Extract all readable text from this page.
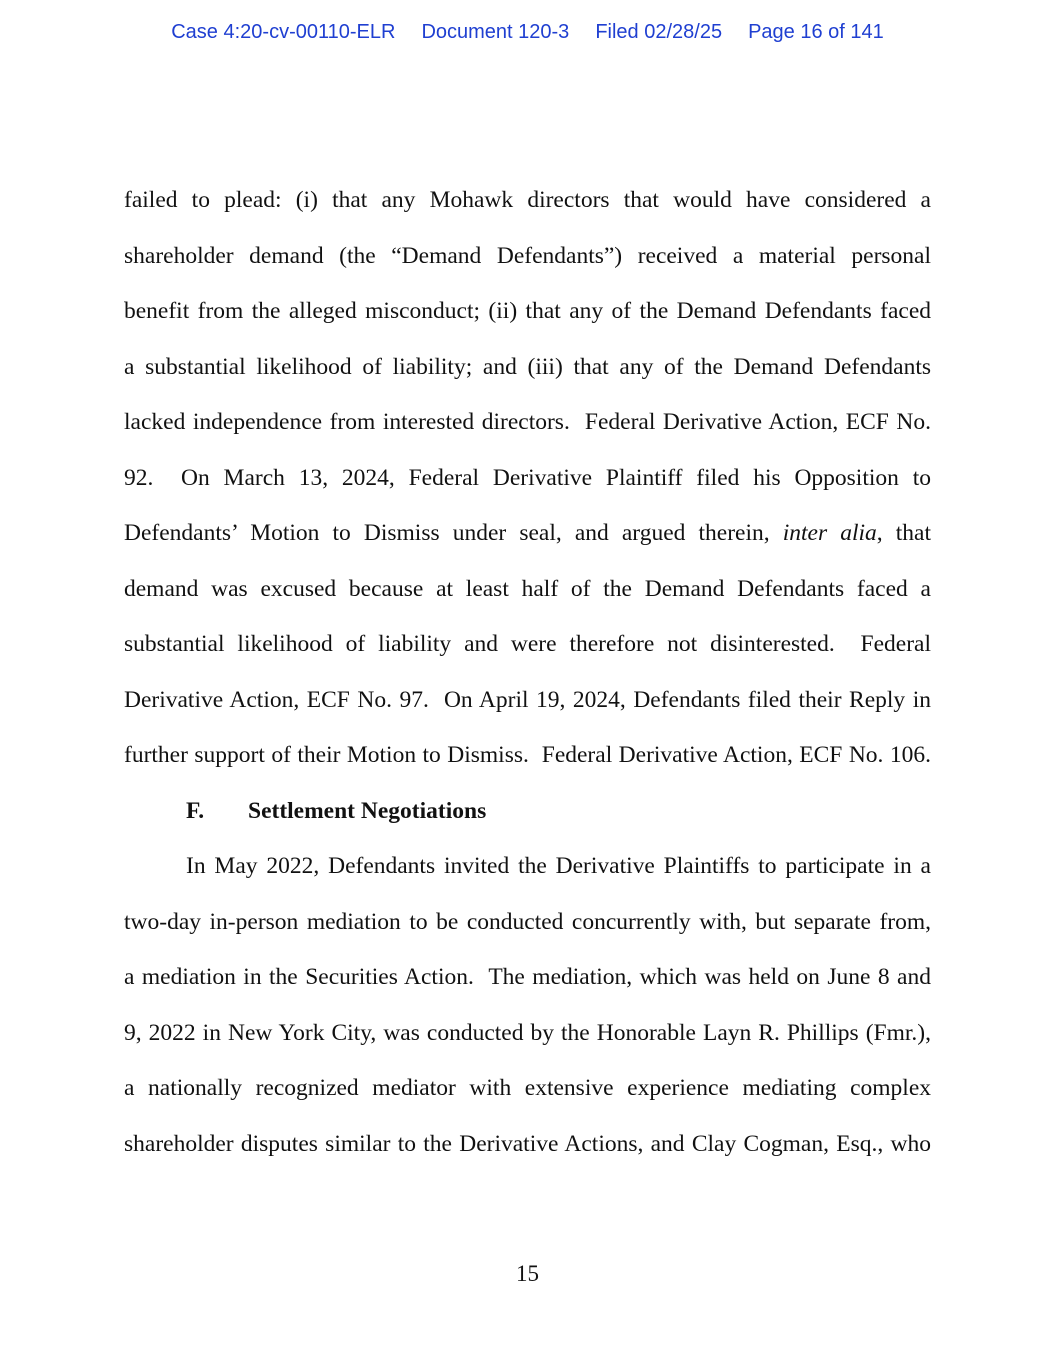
Case 4:20-cv-00110-ELR Document 120-3 Filed 02/28/25 Page 16 of 141
failed to plead: (i) that any Mohawk directors that would have considered a
shareholder demand (the “Demand Defendants”) received a material personal
benefit from the alleged misconduct; (ii) that any of the Demand Defendants faced
a substantial likelihood of liability; and (iii) that any of the Demand Defendants
lacked independence from interested directors.  Federal Derivative Action, ECF No.
92.  On March 13, 2024, Federal Derivative Plaintiff filed his Opposition to
Defendants’ Motion to Dismiss under seal, and argued therein, inter alia, that
demand was excused because at least half of the Demand Defendants faced a
substantial likelihood of liability and were therefore not disinterested.  Federal
Derivative Action, ECF No. 97.  On April 19, 2024, Defendants filed their Reply in
further support of their Motion to Dismiss.  Federal Derivative Action, ECF No. 106.
F. Settlement Negotiations
In May 2022, Defendants invited the Derivative Plaintiffs to participate in a
two-day in-person mediation to be conducted concurrently with, but separate from,
a mediation in the Securities Action.  The mediation, which was held on June 8 and
9, 2022 in New York City, was conducted by the Honorable Layn R. Phillips (Fmr.),
a nationally recognized mediator with extensive experience mediating complex
shareholder disputes similar to the Derivative Actions, and Clay Cogman, Esq., who
15
